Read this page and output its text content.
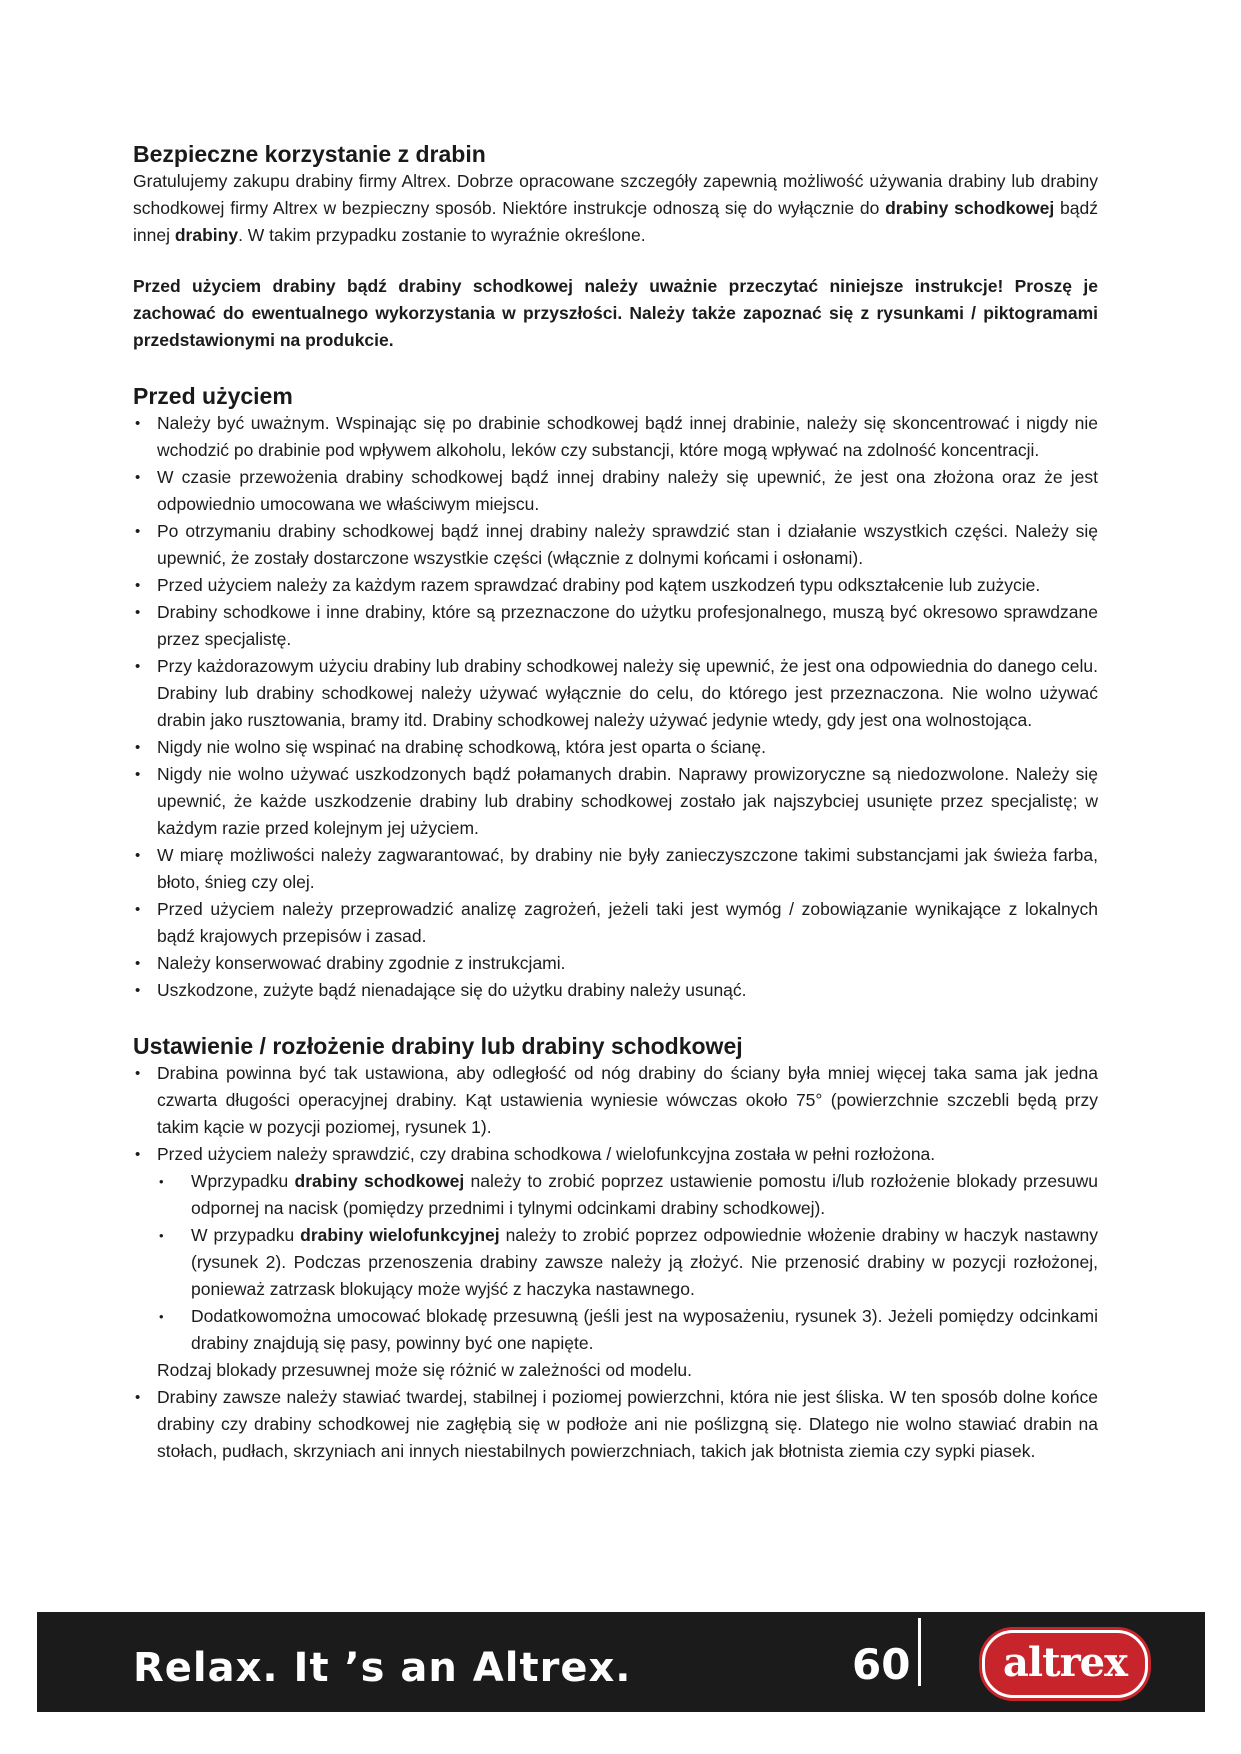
Bezpieczne korzystanie z drabin

Gratulujemy zakupu drabiny firmy Altrex. Dobrze opracowane szczegóły zapewnią możliwość używania drabiny lub drabiny schodkowej firmy Altrex w bezpieczny sposób. Niektóre instrukcje odnoszą się do wyłącznie do drabiny schodkowej bądź innej drabiny. W takim przypadku zostanie to wyraźnie określone.

Przed użyciem drabiny bądź drabiny schodkowej należy uważnie przeczytać niniejsze instrukcje! Proszę je zachować do ewentualnego wykorzystania w przyszłości. Należy także zapoznać się z rysunkami / piktogramami przedstawionymi na produkcie.

Przed użyciem
• Należy być uważnym. Wspinając się po drabinie schodkowej bądź innej drabinie, należy się skoncentrować i nigdy nie wchodzić po drabinie pod wpływem alkoholu, leków czy substancji, które mogą wpływać na zdolność koncentracji.
• W czasie przewożenia drabiny schodkowej bądź innej drabiny należy się upewnić, że jest ona złożona oraz że jest odpowiednio umocowana we właściwym miejscu.
• Po otrzymaniu drabiny schodkowej bądź innej drabiny należy sprawdzić stan i działanie wszystkich części. Należy się upewnić, że zostały dostarczone wszystkie części (włącznie z dolnymi końcami i osłonami).
• Przed użyciem należy za każdym razem sprawdzać drabiny pod kątem uszkodzeń typu odkształcenie lub zużycie.
• Drabiny schodkowe i inne drabiny, które są przeznaczone do użytku profesjonalnego, muszą być okresowo sprawdzane przez specjalistę.
• Przy każdorazowym użyciu drabiny lub drabiny schodkowej należy się upewnić, że jest ona odpowiednia do danego celu. Drabiny lub drabiny schodkowej należy używać wyłącznie do celu, do którego jest przeznaczona. Nie wolno używać drabin jako rusztowania, bramy itd. Drabiny schodkowej należy używać jedynie wtedy, gdy jest ona wolnostojąca.
• Nigdy nie wolno się wspinać na drabinę schodkową, która jest oparta o ścianę.
• Nigdy nie wolno używać uszkodzonych bądź połamanych drabin. Naprawy prowizoryczne są niedozwolone. Należy się upewnić, że każde uszkodzenie drabiny lub drabiny schodkowej zostało jak najszybciej usunięte przez specjalistę; w każdym razie przed kolejnym jej użyciem.
• W miarę możliwości należy zagwarantować, by drabiny nie były zanieczyszczone takimi substancjami jak świeża farba, błoto, śnieg czy olej.
• Przed użyciem należy przeprowadzić analizę zagrożeń, jeżeli taki jest wymóg / zobowiązanie wynikające z lokalnych bądź krajowych przepisów i zasad.
• Należy konserwować drabiny zgodnie z instrukcjami.
• Uszkodzone, zużyte bądź nienadające się do użytku drabiny należy usunąć.
Ustawienie / rozłożenie drabiny lub drabiny schodkowej
• Drabina powinna być tak ustawiona, aby odległość od nóg drabiny do ściany była mniej więcej taka sama jak jedna czwarta długości operacyjnej drabiny. Kąt ustawienia wyniesie wówczas około 75° (powierzchnie szczebli będą przy takim kącie w pozycji poziomej, rysunek 1).
• Przed użyciem należy sprawdzić, czy drabina schodkowa / wielofunkcyjna została w pełni rozłożona.
• Wprzypadku drabiny schodkowej należy to zrobić poprzez ustawienie pomostu i/lub rozłożenie blokady przesuwu odpornej na nacisk (pomiędzy przednimi i tylnymi odcinkami drabiny schodkowej).
• W przypadku drabiny wielofunkcyjnej należy to zrobić poprzez odpowiednie włożenie drabiny w haczyk nastawny (rysunek 2). Podczas przenoszenia drabiny zawsze należy ją złożyć. Nie przenosić drabiny w pozycji rozłożonej, ponieważ zatrzask blokujący może wyjść z haczyka nastawnego.
• Dodatkowomożna umocować blokadę przesuwną (jeśli jest na wyposażeniu, rysunek 3). Jeżeli pomiędzy odcinkami drabiny znajdują się pasy, powinny być one napięte.
Rodzaj blokady przesuwnej może się różnić w zależności od modelu.
• Drabiny zawsze należy stawiać twardej, stabilnej i poziomej powierzchni, która nie jest śliska. W ten sposób dolne końce drabiny czy drabiny schodkowej nie zagłębią się w podłoże ani nie poślizgną się. Dlatego nie wolno stawiać drabin na stołach, pudłach, skrzyniach ani innych niestabilnych powierzchniach, takich jak błotnista ziemia czy sypki piasek.
Relax. It ’s an Altrex.	60 altrex
